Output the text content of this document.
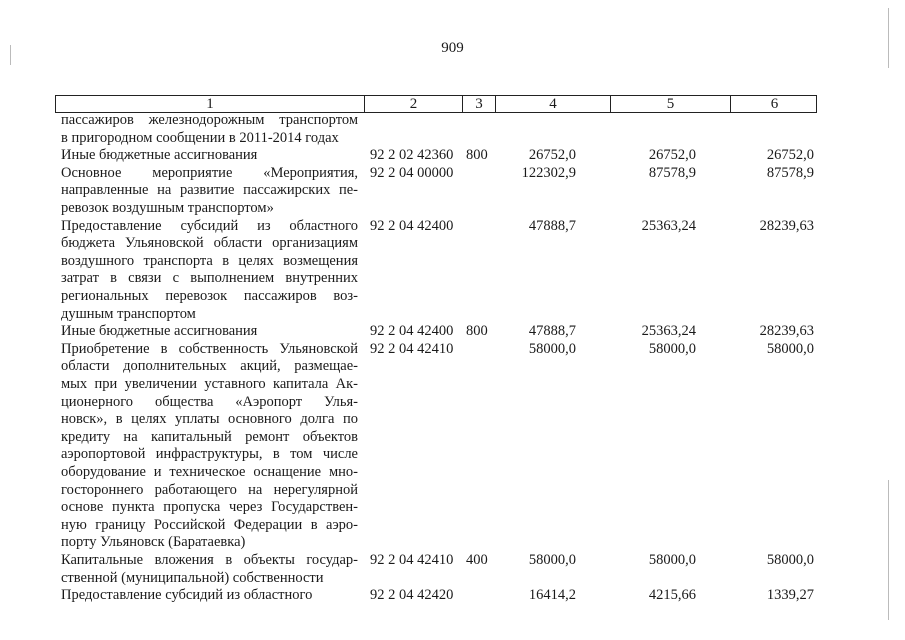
909
1	2	3	4	5	6
пассажиров железнодорожным транспортом
в пригородном сообщении в 2011-2014 годах
Иные бюджетные ассигнования	92 2 02 42360 800	26752,0	26752,0	26752,0
Основное мероприятие «Мероприятия,
направленные на развитие пассажирских пе-
ревозок воздушным транспортом»
92 2 04 00000	122302,9	87578,9	87578,9
Предоставление субсидий из областного
бюджета Ульяновской области организациям
воздушного транспорта в целях возмещения
затрат в связи с выполнением внутренних
региональных перевозок пассажиров воз-
душным транспортом
92 2 04 42400	47888,7	25363,24	28239,63
Иные бюджетные ассигнования	92 2 04 42400 800	47888,7	25363,24	28239,63
Приобретение в собственность Ульяновской
области дополнительных акций, размещае-
мых при увеличении уставного капитала Ак-
ционерного общества «Аэропорт Улья-
новск», в целях уплаты основного долга по
кредиту на капитальный ремонт объектов
аэропортовой инфраструктуры, в том числе
оборудование и техническое оснащение мно-
гостороннего работающего на нерегулярной
основе пункта пропуска через Государствен-
ную границу Российской Федерации в аэро-
порту Ульяновск (Баратаевка)
92 2 04 42410	58000,0	58000,0	58000,0
Капитальные вложения в объекты государ-
ственной (муниципальной) собственности
92 2 04 42410 400	58000,0	58000,0	58000,0
Предоставление субсидий из областного	92 2 04 42420	16414,2	4215,66	1339,27
